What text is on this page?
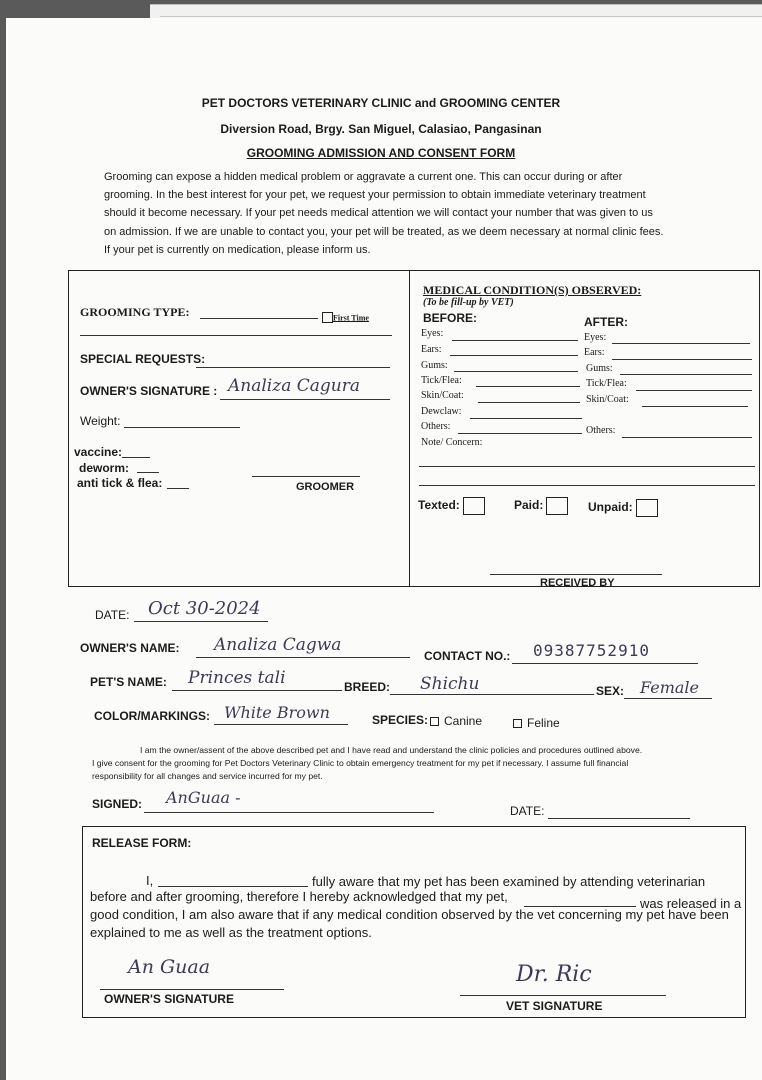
PET DOCTORS VETERINARY CLINIC and GROOMING CENTER
Diversion Road, Brgy. San Miguel, Calasiao, Pangasinan
GROOMING ADMISSION AND CONSENT FORM
Grooming can expose a hidden medical problem or aggravate a current one. This can occur during or after
grooming. In the best interest for your pet, we request your permission to obtain immediate veterinary treatment
should it become necessary. If your pet needs medical attention we will contact your number that was given to us
on admission. If we are unable to contact you, your pet will be treated, as we deem necessary at normal clinic fees.
If your pet is currently on medication, please inform us.
GROOMING TYPE:	First Time
SPECIAL REQUESTS:
OWNER'S SIGNATURE : Analiza Cagura
Weight:
vaccine:
deworm:
anti tick & flea:	GROOMER
MEDICAL CONDITION(S) OBSERVED:
(To be fill-up by VET)
BEFORE:	AFTER:
Eyes:
Ears:
Gums:
Tick/Flea:
Skin/Coat:
Dewclaw:
Others:
Note/ Concern:
Eyes:
Ears:
Gums:
Tick/Flea:
Skin/Coat:
Others:
Texted:	Paid:	Unpaid:
RECEIVED BY
DATE: Oct 30-2024
OWNER'S NAME: Analiza Cagwa
CONTACT NO.: 09387752910
PET'S NAME: Princes tali	BREED: Shichu	SEX: Female
COLOR/MARKINGS: White Brown	SPECIES:	Canine	Feline
I am the owner/assent of the above described pet and I have read and understand the clinic policies and procedures outlined above.
I give consent for the grooming for Pet Doctors Veterinary Clinic to obtain emergency treatment for my pet if necessary. I assume full financial
responsibility for all changes and service incurred for my pet.
SIGNED: AnGuaa -
DATE:
RELEASE FORM:
I,	fully aware that my pet has been examined by attending veterinarian
before and after grooming, therefore I hereby acknowledged that my pet,	was released in a
good condition, I am also aware that if any medical condition observed by the vet concerning my pet have been
explained to me as well as the treatment options.
An Guaa
OWNER'S SIGNATURE
Dr. Ric
VET SIGNATURE
